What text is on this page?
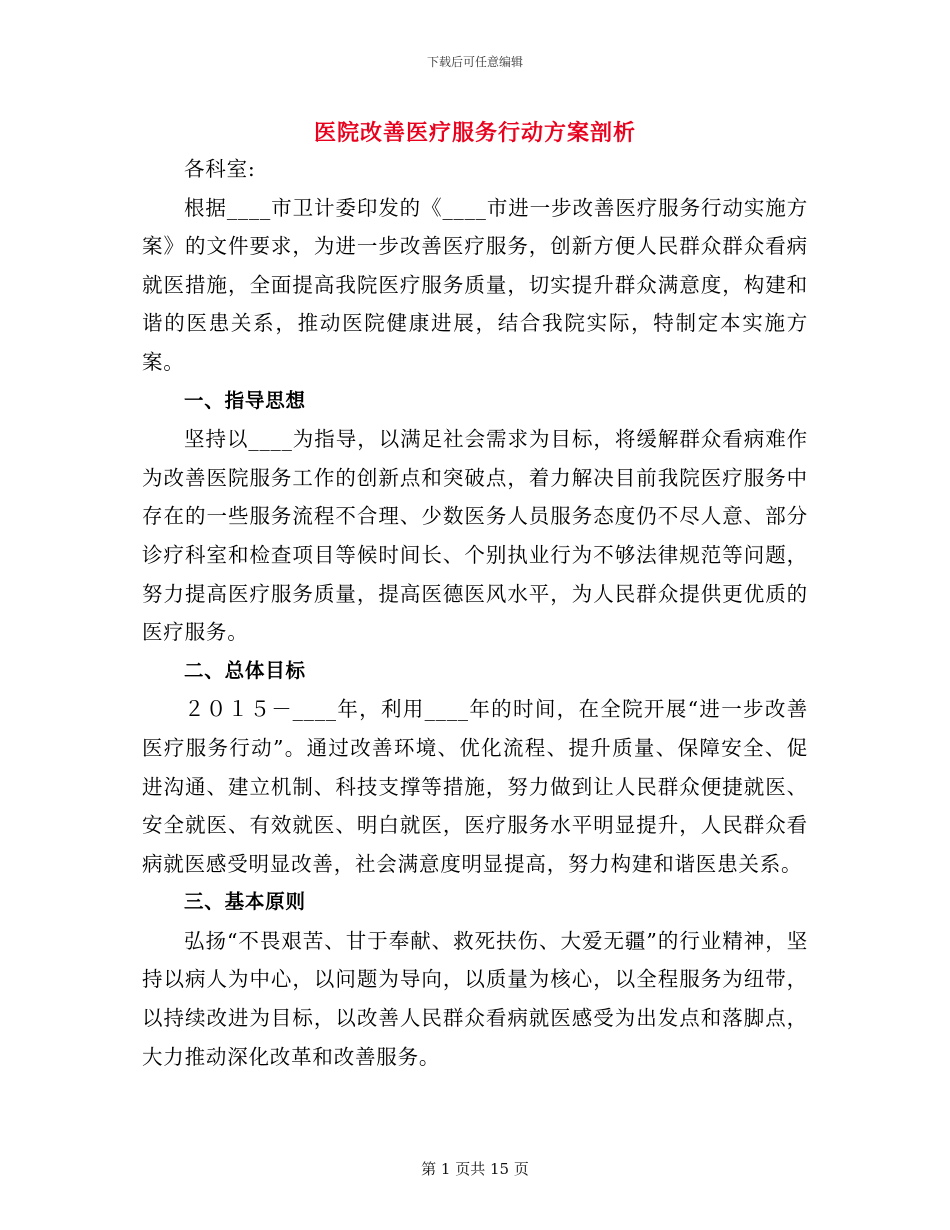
下载后可任意编辑
医院改善医疗服务行动方案剖析

各科室:

根据____市卫计委印发的《____市进一步改善医疗服务行动实施方案》的文件要求，为进一步改善医疗服务，创新方便人民群众群众看病就医措施，全面提高我院医疗服务质量，切实提升群众满意度，构建和谐的医患关系，推动医院健康进展，结合我院实际，特制定本实施方案。

一、指导思想

坚持以____为指导，以满足社会需求为目标，将缓解群众看病难作为改善医院服务工作的创新点和突破点，着力解决目前我院医疗服务中存在的一些服务流程不合理、少数医务人员服务态度仍不尽人意、部分诊疗科室和检查项目等候时间长、个别执业行为不够法律规范等问题，努力提高医疗服务质量，提高医德医风水平，为人民群众提供更优质的医疗服务。

二、总体目标

２０１５－____年，利用____年的时间，在全院开展“进一步改善医疗服务行动”。通过改善环境、优化流程、提升质量、保障安全、促进沟通、建立机制、科技支撑等措施，努力做到让人民群众便捷就医、安全就医、有效就医、明白就医，医疗服务水平明显提升，人民群众看病就医感受明显改善，社会满意度明显提高，努力构建和谐医患关系。

三、基本原则

弘扬“不畏艰苦、甘于奉献、救死扶伤、大爱无疆”的行业精神，坚持以病人为中心，以问题为导向，以质量为核心，以全程服务为纽带，以持续改进为目标，以改善人民群众看病就医感受为出发点和落脚点，大力推动深化改革和改善服务。

第 1 页共 15 页
